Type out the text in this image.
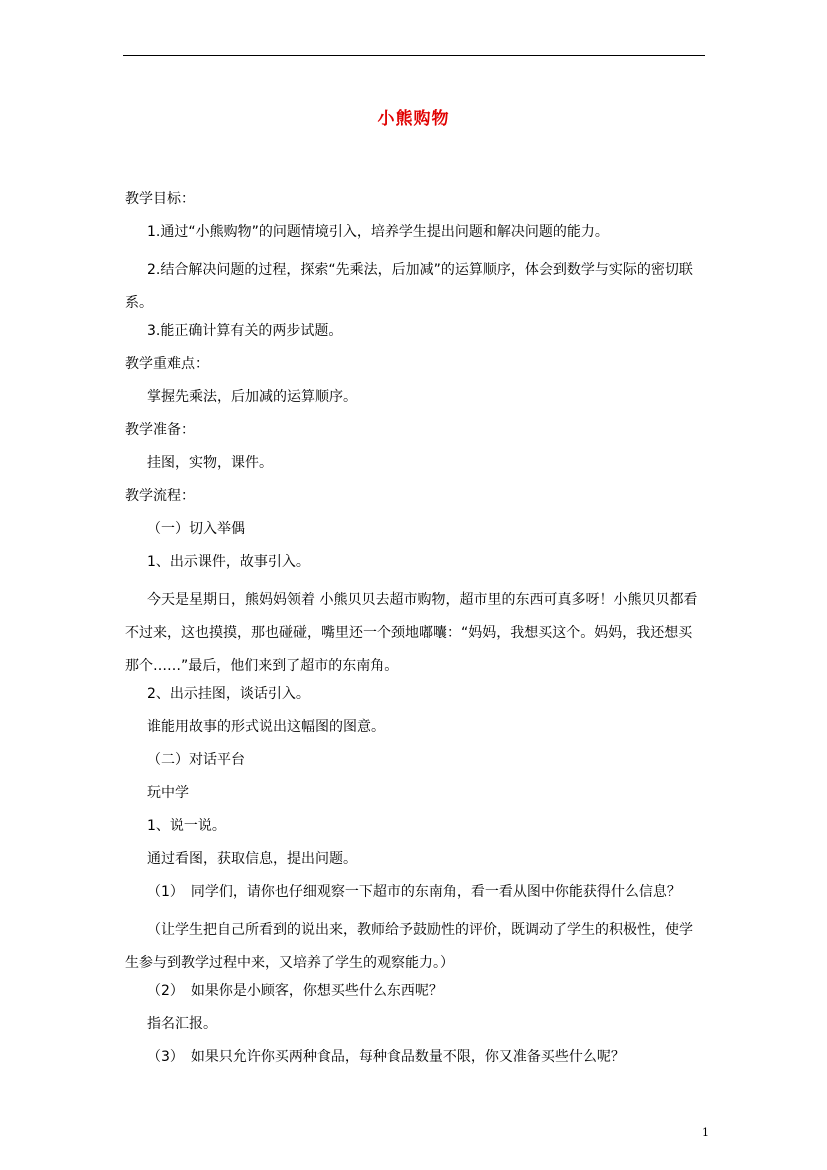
小熊购物
教学目标：
1.通过“小熊购物”的问题情境引入，培养学生提出问题和解决问题的能力。
2.结合解决问题的过程，探索“先乘法，后加减”的运算顺序，体会到数学与实际的密切联系。
3.能正确计算有关的两步试题。
教学重难点：
掌握先乘法，后加减的运算顺序。
教学准备：
挂图，实物，课件。
教学流程：
（一）切入举偶
1、出示课件，故事引入。
今天是星期日，熊妈妈领着 小熊贝贝去超市购物，超市里的东西可真多呀！小熊贝贝都看不过来，这也摸摸，那也碰碰，嘴里还一个颈地嘟囔：“妈妈，我想买这个。妈妈，我还想买那个……”最后，他们来到了超市的东南角。
2、出示挂图，谈话引入。
谁能用故事的形式说出这幅图的图意。
（二）对话平台
玩中学
1、说一说。
通过看图，获取信息，提出问题。
（1）　同学们，请你也仔细观察一下超市的东南角，看一看从图中你能获得什么信息？
（让学生把自己所看到的说出来，教师给予鼓励性的评价，既调动了学生的积极性，使学生参与到教学过程中来，又培养了学生的观察能力。）
（2）　如果你是小顾客，你想买些什么东西呢？
指名汇报。
（3）　如果只允许你买两种食品，每种食品数量不限，你又准备买些什么呢？
1
